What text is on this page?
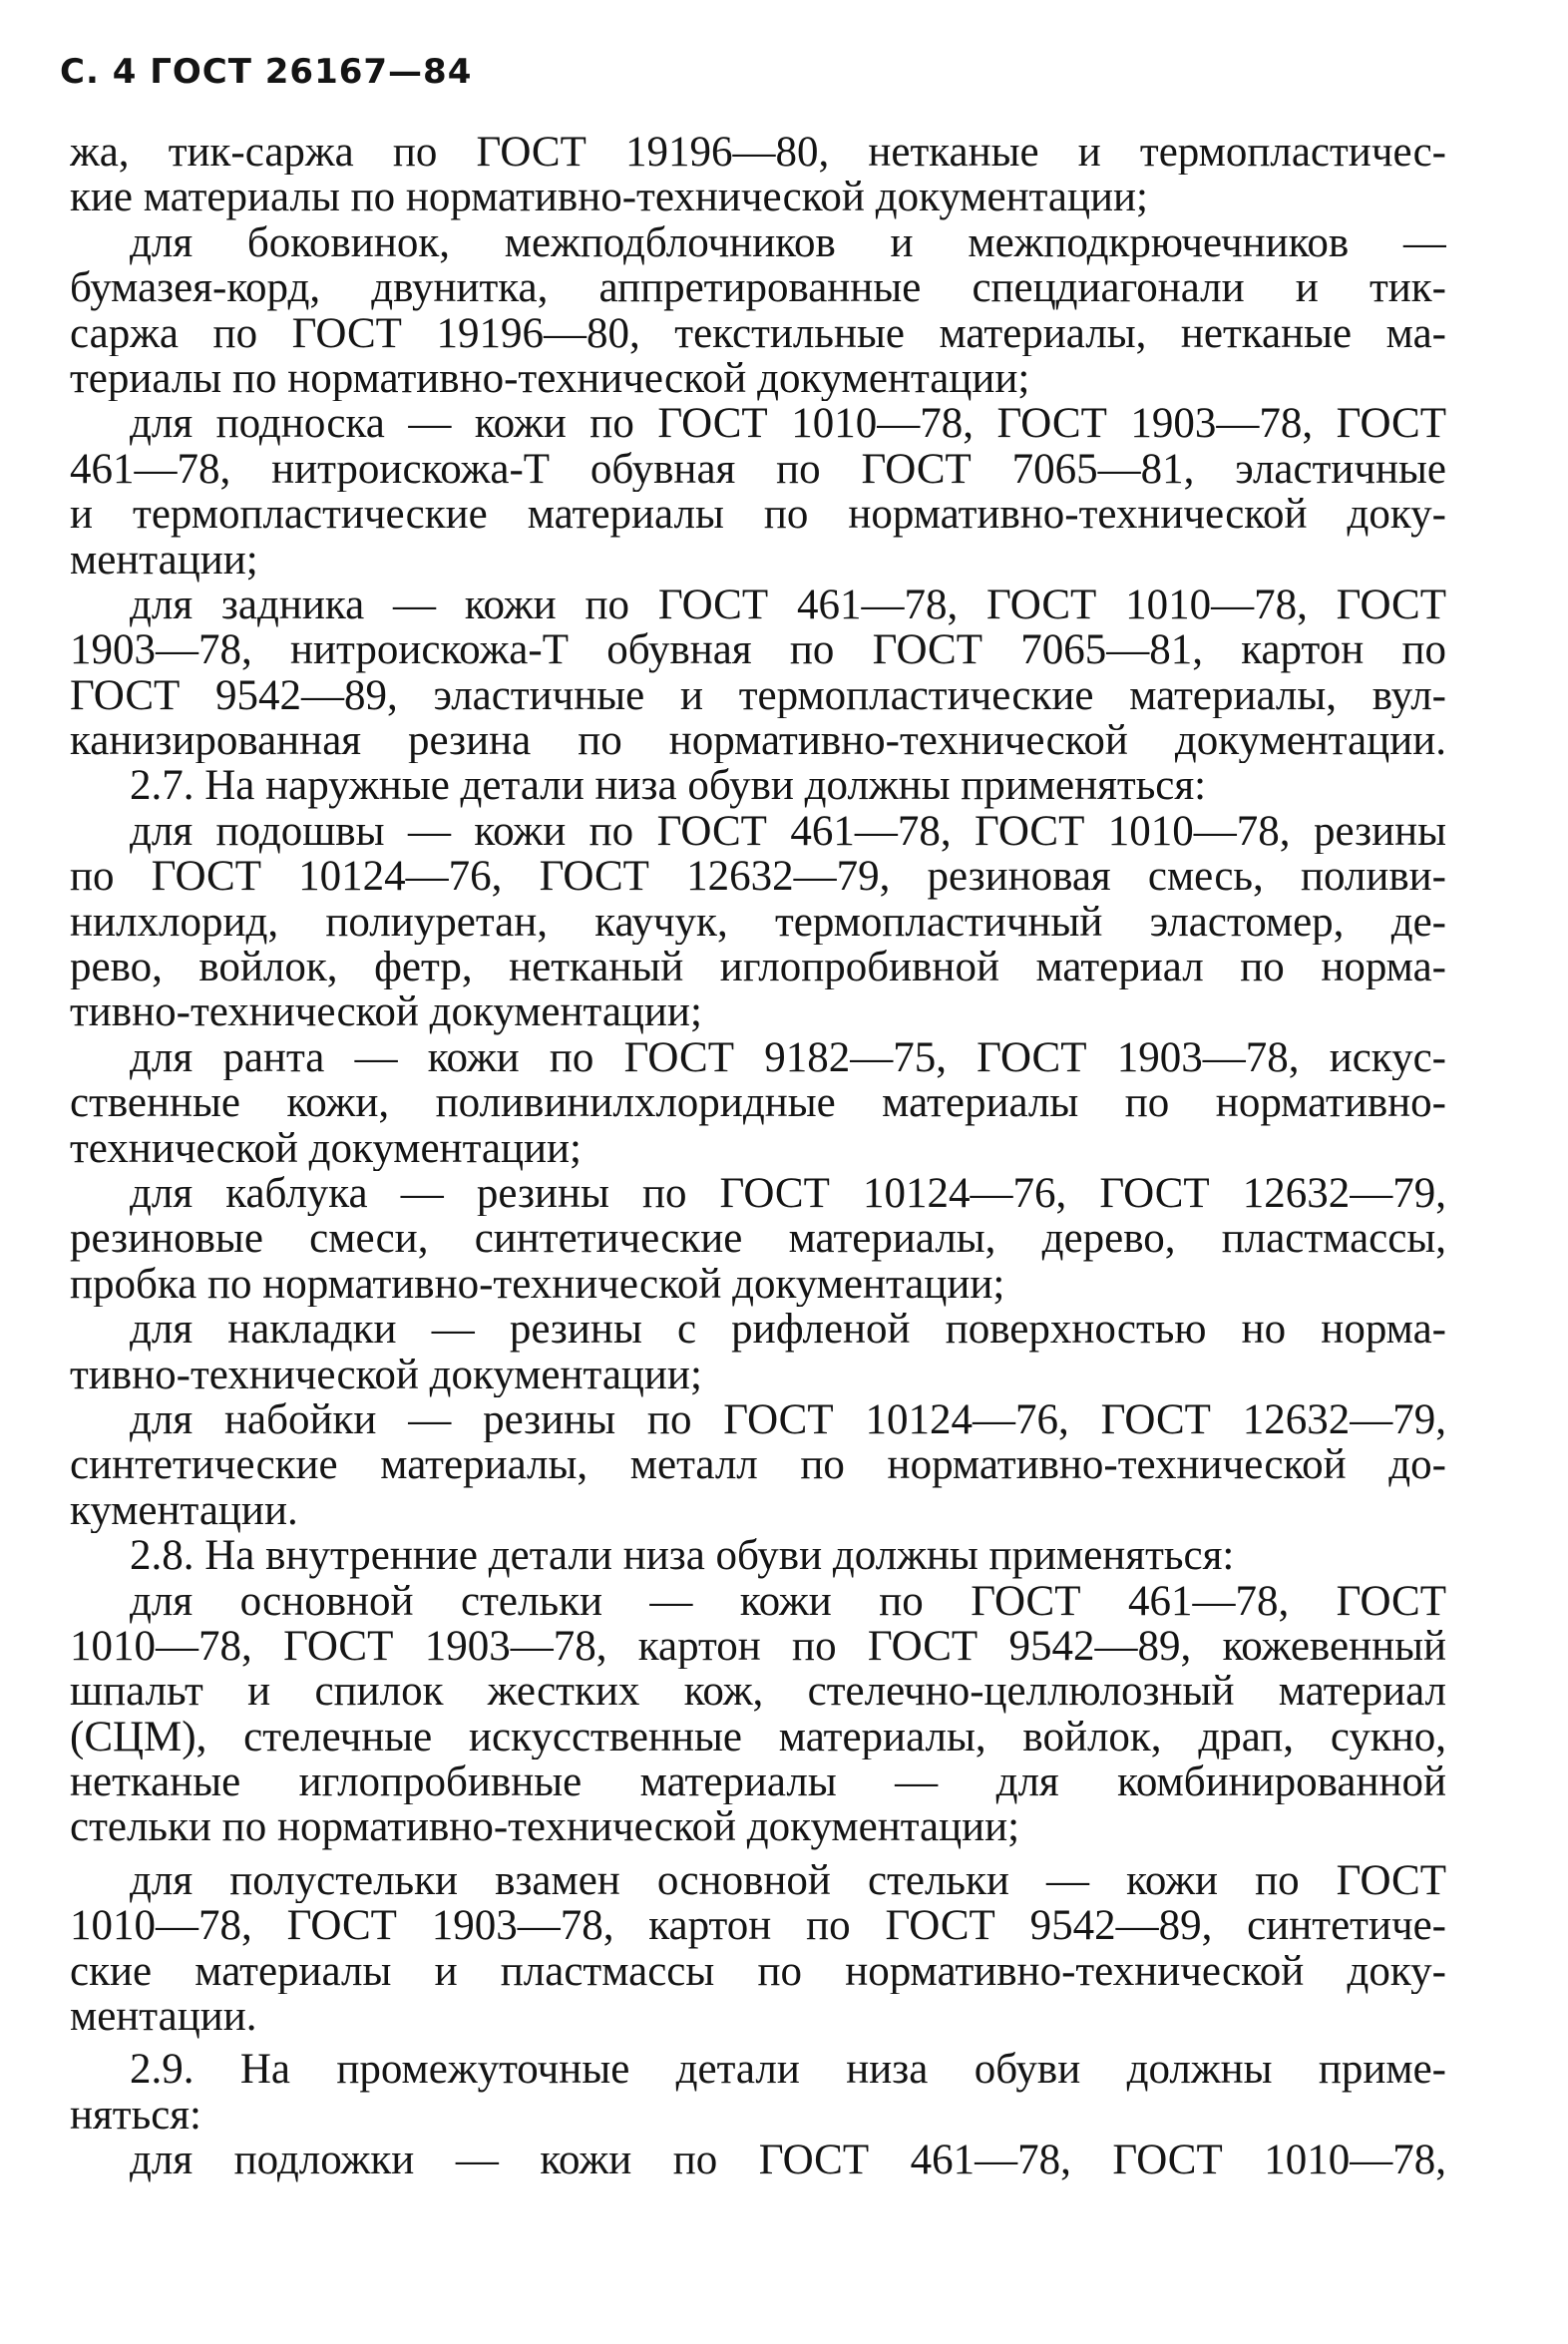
С. 4 ГОСТ 26167—84
жа, тик-саржа по ГОСТ 19196—80, нетканые и термопластичес-
кие материалы по нормативно-технической документации;
для боковинок, межподблочников и межподкрючечников —
бумазея-корд, двунитка, аппретированные спецдиагонали и тик-
саржа по ГОСТ 19196—80, текстильные материалы, нетканые ма-
териалы по нормативно-технической документации;
для подноска — кожи по ГОСТ 1010—78, ГОСТ 1903—78, ГОСТ
461—78, нитроискожа-Т обувная по ГОСТ 7065—81, эластичные
и термопластические материалы по нормативно-технической доку-
ментации;
для задника — кожи по ГОСТ 461—78, ГОСТ 1010—78, ГОСТ
1903—78, нитроискожа-Т обувная по ГОСТ 7065—81, картон по
ГОСТ 9542—89, эластичные и термопластические материалы, вул-
канизированная резина по нормативно-технической документации.
2.7. На наружные детали низа обуви должны применяться:
для подошвы — кожи по ГОСТ 461—78, ГОСТ 1010—78, резины
по ГОСТ 10124—76, ГОСТ 12632—79, резиновая смесь, поливи-
нилхлорид, полиуретан, каучук, термопластичный эластомер, де-
рево, войлок, фетр, нетканый иглопробивной материал по норма-
тивно-технической документации;
для ранта — кожи по ГОСТ 9182—75, ГОСТ 1903—78, искус-
ственные кожи, поливинилхлоридные материалы по нормативно-
технической документации;
для каблука — резины по ГОСТ 10124—76, ГОСТ 12632—79,
резиновые смеси, синтетические материалы, дерево, пластмассы,
пробка по нормативно-технической документации;
для накладки — резины с рифленой поверхностью но норма-
тивно-технической документации;
для набойки — резины по ГОСТ 10124—76, ГОСТ 12632—79,
синтетические материалы, металл по нормативно-технической до-
кументации.
2.8. На внутренние детали низа обуви должны применяться:
для основной стельки — кожи по ГОСТ 461—78, ГОСТ
1010—78, ГОСТ 1903—78, картон по ГОСТ 9542—89, кожевенный
шпальт и спилок жестких кож, стелечно-целлюлозный материал
(СЦМ), стелечные искусственные материалы, войлок, драп, сукно,
нетканые иглопробивные материалы — для комбинированной
стельки по нормативно-технической документации;
для полустельки взамен основной стельки — кожи по ГОСТ
1010—78, ГОСТ 1903—78, картон по ГОСТ 9542—89, синтетиче-
ские материалы и пластмассы по нормативно-технической доку-
ментации.
2.9. На промежуточные детали низа обуви должны приме-
няться:
для подложки — кожи по ГОСТ 461—78, ГОСТ 1010—78,
